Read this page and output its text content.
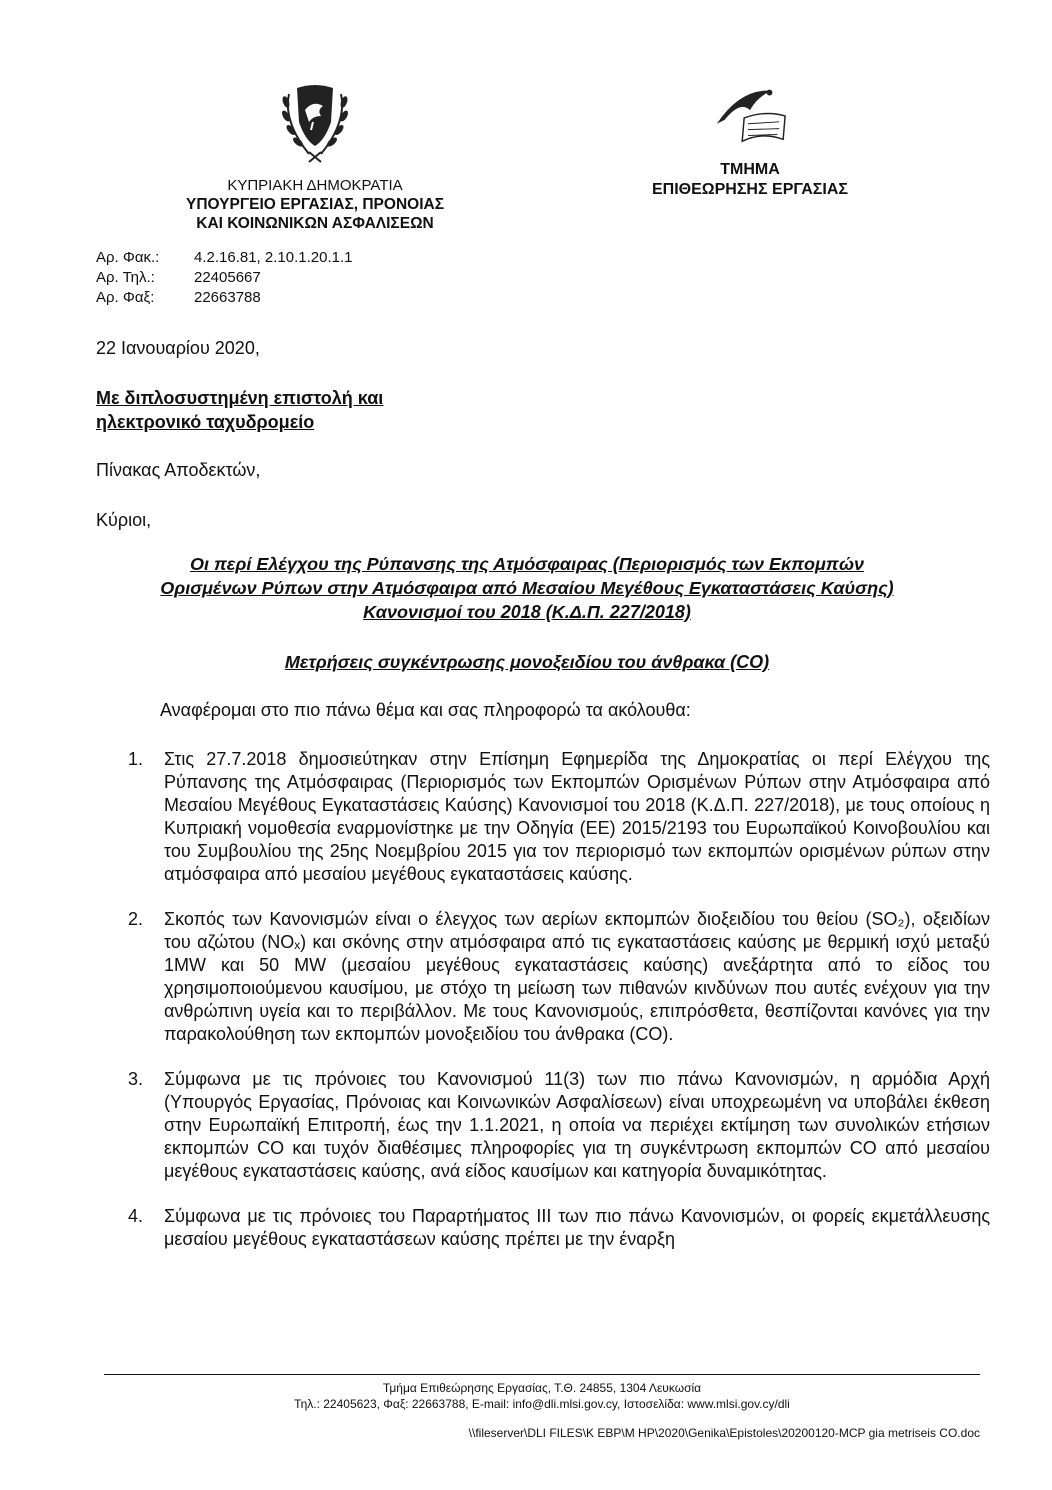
ΚΥΠΡΙΑΚΗ ΔΗΜΟΚΡΑΤΙΑ
ΥΠΟΥΡΓΕΙΟ ΕΡΓΑΣΙΑΣ, ΠΡΟΝΟΙΑΣ
ΚΑΙ ΚΟΙΝΩΝΙΚΩΝ ΑΣΦΑΛΙΣΕΩΝ
ΤΜΗΜΑ
ΕΠΙΘΕΩΡΗΣΗΣ ΕΡΓΑΣΙΑΣ
Αρ. Φακ.:	4.2.16.81, 2.10.1.20.1.1
Αρ. Τηλ.:	22405667
Αρ. Φαξ:	22663788
22 Ιανουαρίου 2020,
Με διπλοσυστημένη επιστολή και
ηλεκτρονικό ταχυδρομείο
Πίνακας Αποδεκτών,
Κύριοι,
Οι περί Ελέγχου της Ρύπανσης της Ατμόσφαιρας (Περιορισμός των Εκπομπών
Ορισμένων Ρύπων στην Ατμόσφαιρα από Μεσαίου Μεγέθους Εγκαταστάσεις Καύσης)
Κανονισμοί του 2018 (Κ.Δ.Π. 227/2018)
Μετρήσεις συγκέντρωσης μονοξειδίου του άνθρακα (CO)
Αναφέρομαι στο πιο πάνω θέμα και σας πληροφορώ τα ακόλουθα:
1.	Στις 27.7.2018 δημοσιεύτηκαν στην Επίσημη Εφημερίδα της Δημοκρατίας οι περί Ελέγχου της Ρύπανσης της Ατμόσφαιρας (Περιορισμός των Εκπομπών Ορισμένων Ρύπων στην Ατμόσφαιρα από Μεσαίου Μεγέθους Εγκαταστάσεις Καύσης) Κανονισμοί του 2018 (Κ.Δ.Π. 227/2018), με τους οποίους η Κυπριακή νομοθεσία εναρμονίστηκε με την Οδηγία (ΕΕ) 2015/2193 του Ευρωπαϊκού Κοινοβουλίου και του Συμβουλίου της 25ης Νοεμβρίου 2015 για τον περιορισμό των εκπομπών ορισμένων ρύπων στην ατμόσφαιρα από μεσαίου μεγέθους εγκαταστάσεις καύσης.
2.	Σκοπός των Κανονισμών είναι ο έλεγχος των αερίων εκπομπών διοξειδίου του θείου (SO₂), οξειδίων του αζώτου (NOₓ) και σκόνης στην ατμόσφαιρα από τις εγκαταστάσεις καύσης με θερμική ισχύ μεταξύ 1MW και 50 MW (μεσαίου μεγέθους εγκαταστάσεις καύσης) ανεξάρτητα από το είδος του χρησιμοποιούμενου καυσίμου, με στόχο τη μείωση των πιθανών κινδύνων που αυτές ενέχουν για την ανθρώπινη υγεία και το περιβάλλον. Με τους Κανονισμούς, επιπρόσθετα, θεσπίζονται κανόνες για την παρακολούθηση των εκπομπών μονοξειδίου του άνθρακα (CO).
3.	Σύμφωνα με τις πρόνοιες του Κανονισμού 11(3) των πιο πάνω Κανονισμών, η αρμόδια Αρχή (Υπουργός Εργασίας, Πρόνοιας και Κοινωνικών Ασφαλίσεων) είναι υποχρεωμένη να υποβάλει έκθεση στην Ευρωπαϊκή Επιτροπή, έως την 1.1.2021, η οποία να περιέχει εκτίμηση των συνολικών ετήσιων εκπομπών CO και τυχόν διαθέσιμες πληροφορίες για τη συγκέντρωση εκπομπών CO από μεσαίου μεγέθους εγκαταστάσεις καύσης, ανά είδος καυσίμων και κατηγορία δυναμικότητας.
4.	Σύμφωνα με τις πρόνοιες του Παραρτήματος III των πιο πάνω Κανονισμών, οι φορείς εκμετάλλευσης μεσαίου μεγέθους εγκαταστάσεων καύσης πρέπει με την έναρξη
Τμήμα Επιθεώρησης Εργασίας, Τ.Θ. 24855, 1304 Λευκωσία
Τηλ.: 22405623, Φαξ: 22663788, E-mail: info@dli.mlsi.gov.cy, Ιστοσελίδα: www.mlsi.gov.cy/dli
\\fileserver\DLI FILES\K EBP\M HP\2020\Genika\Epistoles\20200120-MCP gia metriseis CO.doc
